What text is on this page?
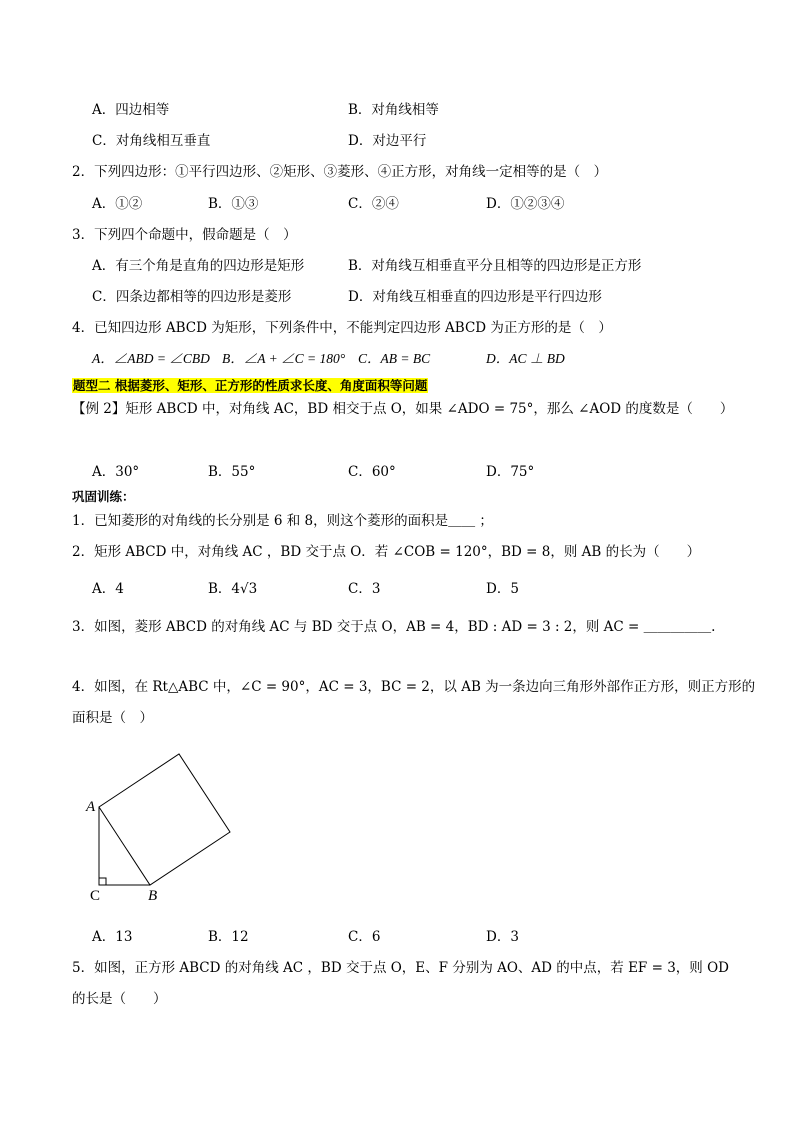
A．四边相等	B．对角线相等
C．对角线相互垂直	D．对边平行
2．下列四边形：①平行四边形、②矩形、③菱形、④正方形，对角线一定相等的是（　）
A．①②	B．①③	C．②④	D．①②③④
3．下列四个命题中，假命题是（　）
A．有三个角是直角的四边形是矩形	B．对角线互相垂直平分且相等的四边形是正方形
C．四条边都相等的四边形是菱形	D．对角线互相垂直的四边形是平行四边形
4．已知四边形 ABCD 为矩形，下列条件中，不能判定四边形 ABCD 为正方形的是（　）
A．∠ABD = ∠CBD B．∠A + ∠C = 180° C．AB = BC	D．AC ⊥ BD
题型二 根据菱形、矩形、正方形的性质求长度、角度面积等问题
【例 2】矩形 ABCD 中，对角线 AC，BD 相交于点 O，如果 ∠ADO = 75°，那么 ∠AOD 的度数是（　　）
A．30°	B．55°	C．60°	D．75°
巩固训练：
1．已知菱形的对角线的长分别是 6 和 8，则这个菱形的面积是＿＿ ；
2．矩形 ABCD 中，对角线 AC ，BD 交于点 O．若 ∠COB = 120°，BD = 8，则 AB 的长为（　　）
A．4	B．4√3	C．3	D．5
3．如图，菱形 ABCD 的对角线 AC 与 BD 交于点 O，AB = 4，BD : AD = 3 : 2，则 AC = ＿＿＿＿＿.
4．如图，在 Rt△ABC 中，∠C = 90°，AC = 3，BC = 2，以 AB 为一条边向三角形外部作正方形，则正方形的
面积是（　）
A
C	B
A．13	B．12	C．6	D．3
5．如图，正方形 ABCD 的对角线 AC ，BD 交于点 O，E、F 分别为 AO、AD 的中点，若 EF = 3，则 OD
的长是（　　）
